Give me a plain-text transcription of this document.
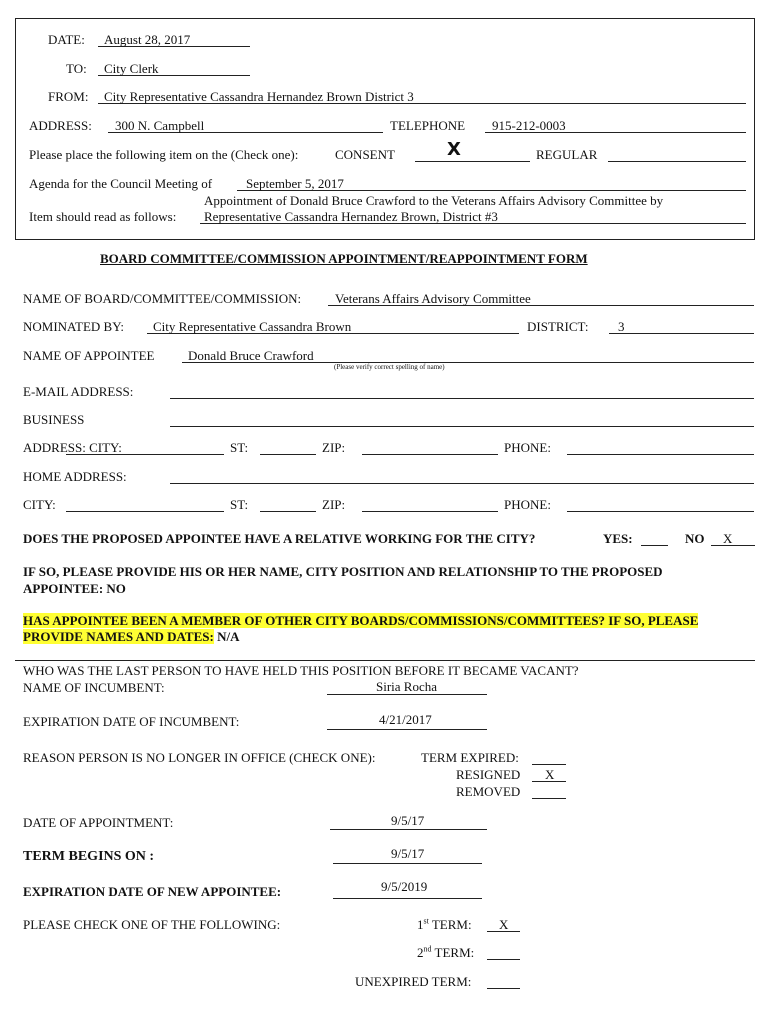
DATE: August 28, 2017
TO: City Clerk
FROM: City Representative Cassandra Hernandez Brown District 3
ADDRESS: 300 N. Campbell	TELEPHONE 915-212-0003
Please place the following item on the (Check one):	CONSENT	X	REGULAR
Agenda for the Council Meeting of	September 5, 2017
Appointment of Donald Bruce Crawford to the Veterans Affairs Advisory Committee by
Item should read as follows: Representative Cassandra Hernandez Brown, District #3
BOARD COMMITTEE/COMMISSION APPOINTMENT/REAPPOINTMENT FORM
NAME OF BOARD/COMMITTEE/COMMISSION:	Veterans Affairs Advisory Committee
NOMINATED BY: City Representative Cassandra Brown	DISTRICT: 3
NAME OF APPOINTEE	Donald Bruce Crawford
(Please verify correct spelling of name)
E-MAIL ADDRESS:
BUSINESS
ADDRESS: CITY:	ST:	ZIP:	PHONE:
HOME ADDRESS:
CITY:	ST:	ZIP:	PHONE:
DOES THE PROPOSED APPOINTEE HAVE A RELATIVE WORKING FOR THE CITY?	YES:	NO X
IF SO, PLEASE PROVIDE HIS OR HER NAME, CITY POSITION AND RELATIONSHIP TO THE PROPOSED
APPOINTEE: NO
HAS APPOINTEE BEEN A MEMBER OF OTHER CITY BOARDS/COMMISSIONS/COMMITTEES? IF SO, PLEASE
PROVIDE NAMES AND DATES: N/A
WHO WAS THE LAST PERSON TO HAVE HELD THIS POSITION BEFORE IT BECAME VACANT?
NAME OF INCUMBENT:	Siria Rocha
EXPIRATION DATE OF INCUMBENT:	4/21/2017
REASON PERSON IS NO LONGER IN OFFICE (CHECK ONE):	TERM EXPIRED:
RESIGNED X
REMOVED
DATE OF APPOINTMENT:	9/5/17
TERM BEGINS ON :	9/5/17
EXPIRATION DATE OF NEW APPOINTEE:	9/5/2019
PLEASE CHECK ONE OF THE FOLLOWING:	1st TERM: X
2nd TERM:
UNEXPIRED TERM:
